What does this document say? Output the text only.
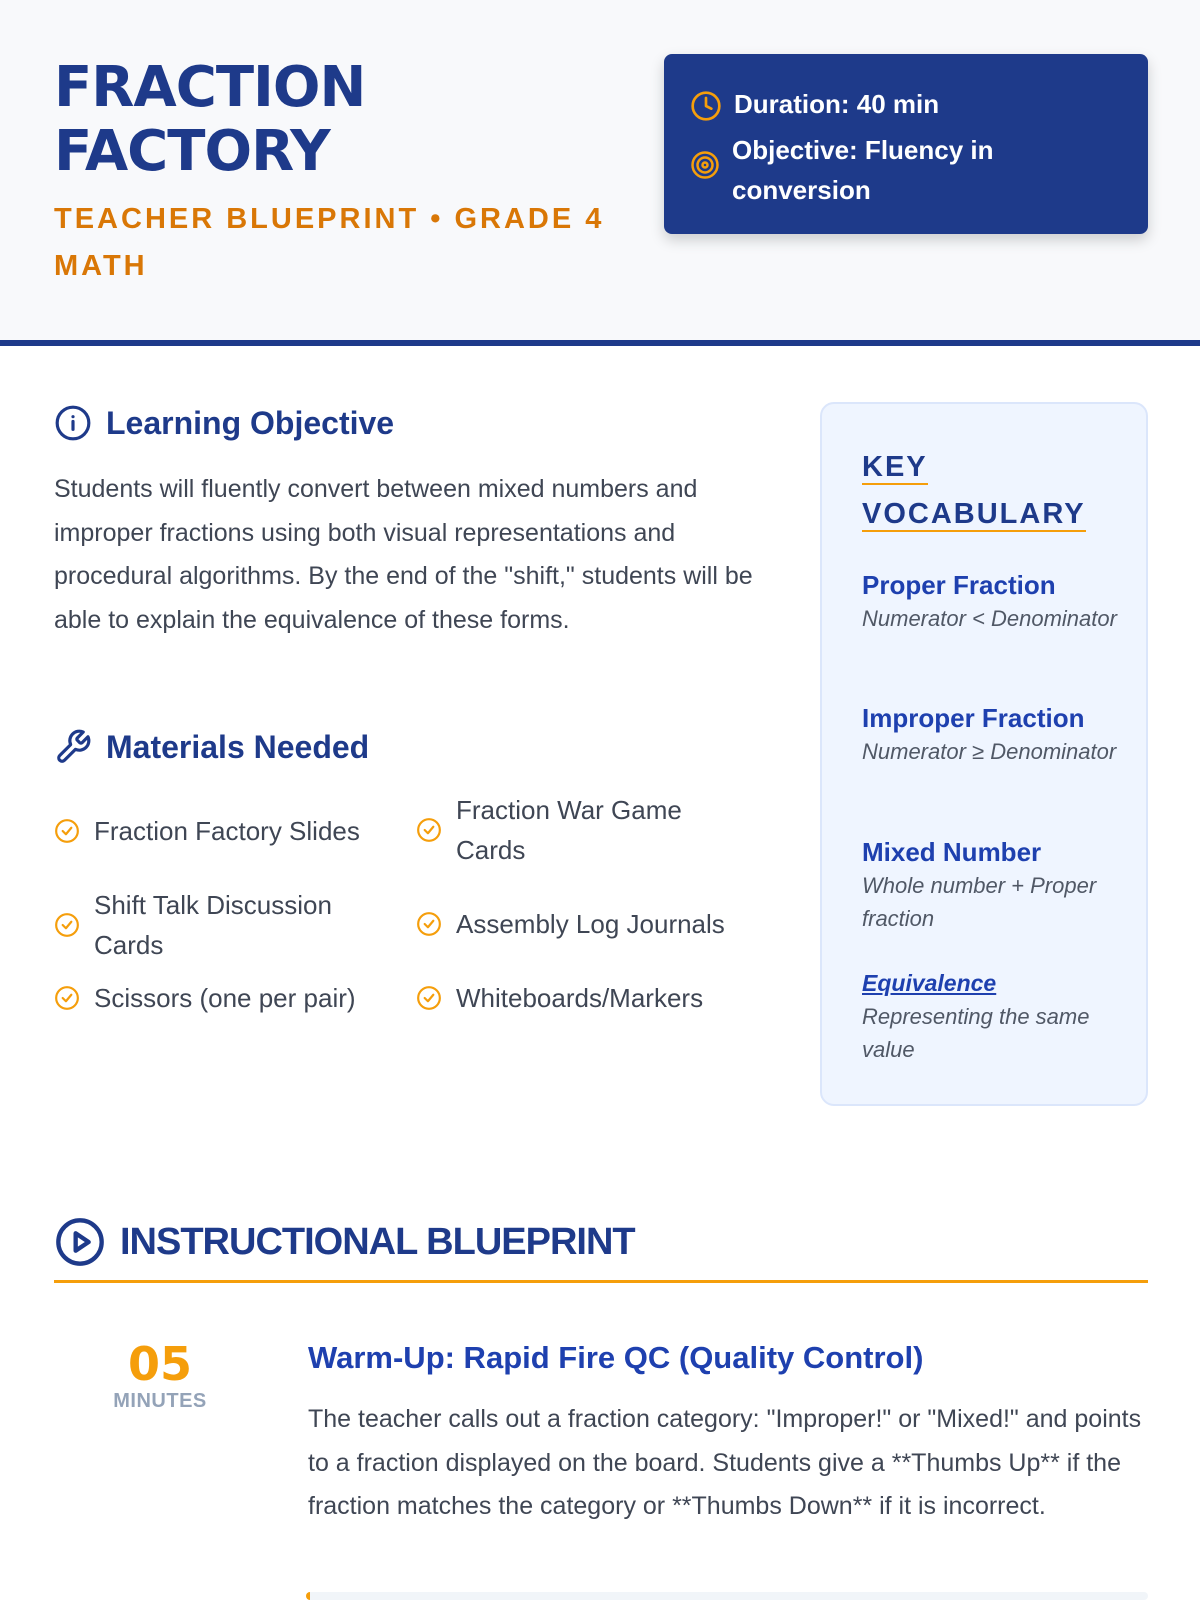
FRACTION
FACTORY
TEACHER BLUEPRINT • GRADE 4 MATH
Duration: 40 min
Objective: Fluency in conversion
Learning Objective
Students will fluently convert between mixed numbers and improper fractions using both visual representations and procedural algorithms. By the end of the "shift," students will be able to explain the equivalence of these forms.
Materials Needed
Fraction Factory Slides
Fraction War Game Cards
Shift Talk Discussion Cards
Assembly Log Journals
Scissors (one per pair)	Whiteboards/Markers
KEY VOCABULARY
Proper Fraction
Numerator < Denominator
Improper Fraction
Numerator ≥ Denominator
Mixed Number
Whole number + Proper fraction
Equivalence
Representing the same value
INSTRUCTIONAL BLUEPRINT
05
MINUTES
Warm-Up: Rapid Fire QC (Quality Control)
The teacher calls out a fraction category: "Improper!" or "Mixed!" and points to a fraction displayed on the board. Students give a **Thumbs Up** if the fraction matches the category or **Thumbs Down** if it is incorrect.
